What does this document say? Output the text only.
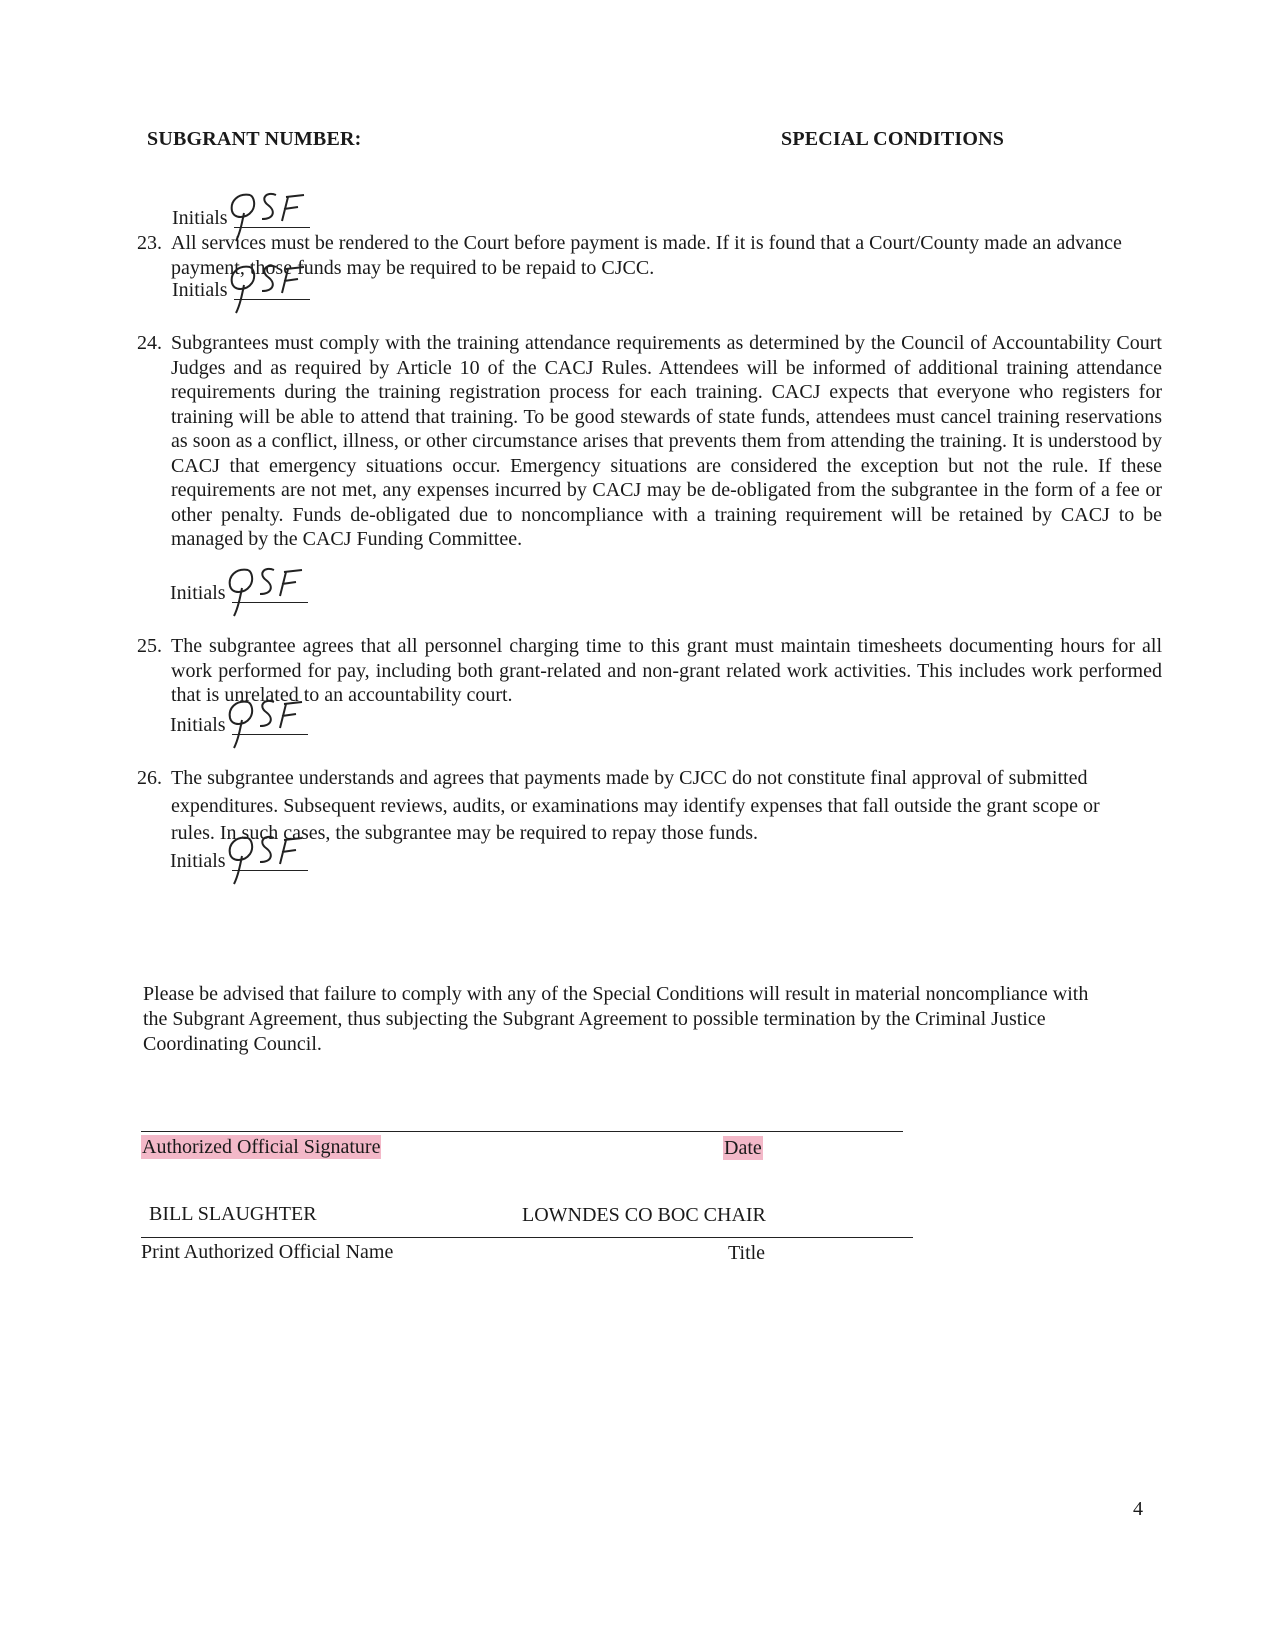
SUBGRANT NUMBER:	SPECIAL CONDITIONS
Initials
23. All services must be rendered to the Court before payment is made. If it is found that a Court/County made an advance payment, those funds may be required to be repaid to CJCC.
Initials
24. Subgrantees must comply with the training attendance requirements as determined by the Council of Accountability Court Judges and as required by Article 10 of the CACJ Rules. Attendees will be informed of additional training attendance requirements during the training registration process for each training. CACJ expects that everyone who registers for training will be able to attend that training. To be good stewards of state funds, attendees must cancel training reservations as soon as a conflict, illness, or other circumstance arises that prevents them from attending the training. It is understood by CACJ that emergency situations occur. Emergency situations are considered the exception but not the rule. If these requirements are not met, any expenses incurred by CACJ may be de-obligated from the subgrantee in the form of a fee or other penalty. Funds de-obligated due to noncompliance with a training requirement will be retained by CACJ to be managed by the CACJ Funding Committee.
Initials
25. The subgrantee agrees that all personnel charging time to this grant must maintain timesheets documenting hours for all work performed for pay, including both grant-related and non-grant related work activities. This includes work performed that is unrelated to an accountability court.
Initials
26. The subgrantee understands and agrees that payments made by CJCC do not constitute final approval of submitted expenditures. Subsequent reviews, audits, or examinations may identify expenses that fall outside the grant scope or rules. In such cases, the subgrantee may be required to repay those funds.
Initials
Please be advised that failure to comply with any of the Special Conditions will result in material noncompliance with the Subgrant Agreement, thus subjecting the Subgrant Agreement to possible termination by the Criminal Justice Coordinating Council.
Authorized Official Signature	Date
BILL SLAUGHTER	LOWNDES CO BOC CHAIR
Print Authorized Official Name	Title
4
